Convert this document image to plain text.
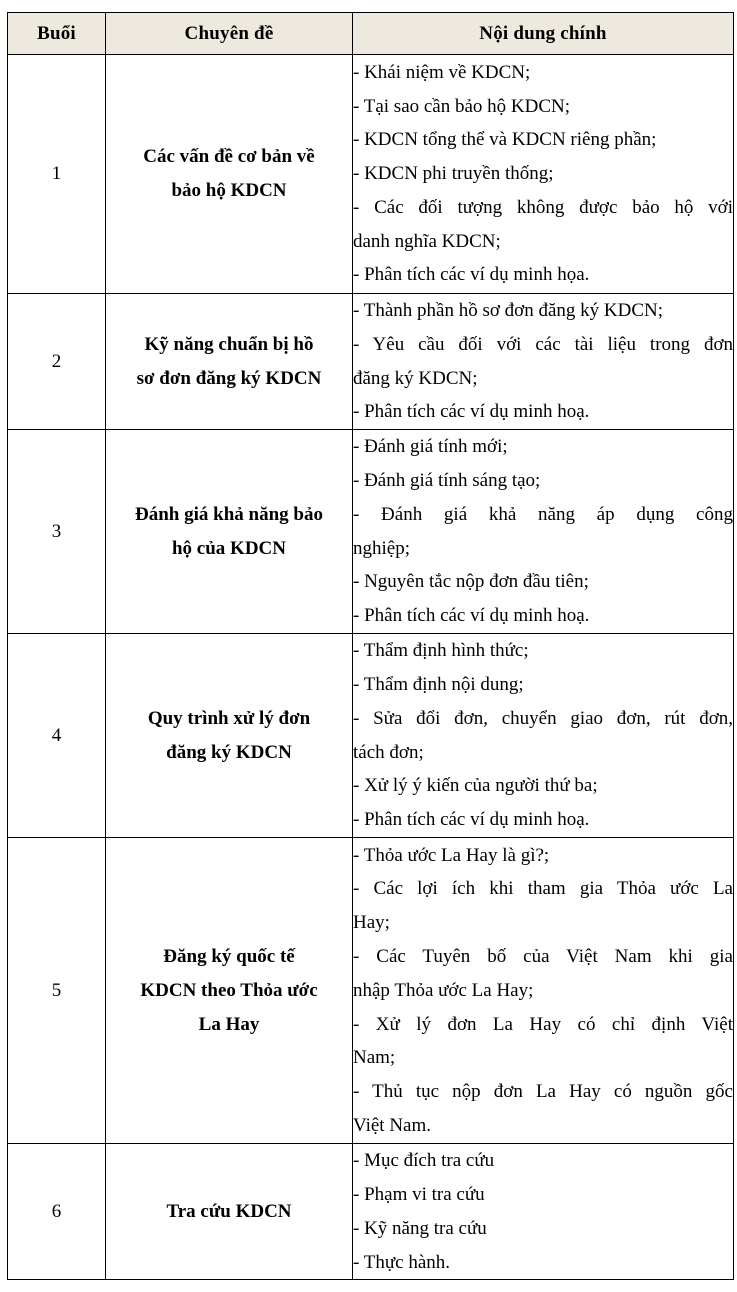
Buổi	Chuyên đề	Nội dung chính
1	
Các vấn đề cơ bản về
bảo hộ KDCN

- Khái niệm về KDCN;
- Tại sao cần bảo hộ KDCN;
- KDCN tổng thể và KDCN riêng phần;
- KDCN phi truyền thống;
- Các đối tượng không được bảo hộ với
danh nghĩa KDCN;
- Phân tích các ví dụ minh họa.

2	
Kỹ năng chuẩn bị hồ
sơ đơn đăng ký KDCN

- Thành phần hồ sơ đơn đăng ký KDCN;
- Yêu cầu đối với các tài liệu trong đơn
đăng ký KDCN;
- Phân tích các ví dụ minh hoạ.

3	
Đánh giá khả năng bảo
hộ của KDCN

- Đánh giá tính mới;
- Đánh giá tính sáng tạo;
- Đánh giá khả năng áp dụng công
nghiệp;
- Nguyên tắc nộp đơn đầu tiên;
- Phân tích các ví dụ minh hoạ.

4	
Quy trình xử lý đơn
đăng ký KDCN

- Thẩm định hình thức;
- Thẩm định nội dung;
- Sửa đổi đơn, chuyển giao đơn, rút đơn,
tách đơn;
- Xử lý ý kiến của người thứ ba;
- Phân tích các ví dụ minh hoạ.

5	
Đăng ký quốc tế
KDCN theo Thỏa ước
La Hay

- Thỏa ước La Hay là gì?;
- Các lợi ích khi tham gia Thỏa ước La
Hay;
- Các Tuyên bố của Việt Nam khi gia
nhập Thỏa ước La Hay;
- Xử lý đơn La Hay có chỉ định Việt
Nam;
- Thủ tục nộp đơn La Hay có nguồn gốc
Việt Nam.

6	Tra cứu KDCN

- Mục đích tra cứu
- Phạm vi tra cứu
- Kỹ năng tra cứu
- Thực hành.
